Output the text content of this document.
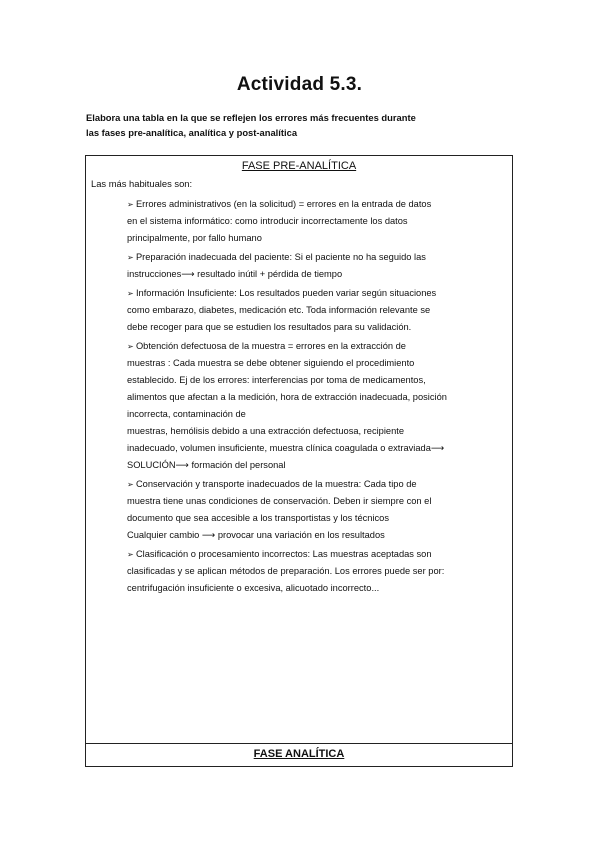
Actividad 5.3.
Elabora una tabla en la que se reflejen los errores más frecuentes durante
las fases pre-analítica, analítica y post-analítica
FASE PRE-ANALÍTICA
Las más habituales son:
➢ Errores administrativos (en la solicitud) = errores en la entrada de datos
en el sistema informático: como introducir incorrectamente los datos
principalmente, por fallo humano
➢ Preparación inadecuada del paciente: Si el paciente no ha seguido las
instrucciones⟶ resultado inútil + pérdida de tiempo
➢ Información Insuficiente: Los resultados pueden variar según situaciones
como embarazo, diabetes, medicación etc. Toda información relevante se
debe recoger para que se estudien los resultados para su validación.
➢ Obtención defectuosa de la muestra = errores en la extracción de
muestras : Cada muestra se debe obtener siguiendo el procedimiento
establecido. Ej de los errores: interferencias por toma de medicamentos,
alimentos que afectan a la medición, hora de extracción inadecuada, posición
incorrecta, contaminación de
muestras, hemólisis debido a una extracción defectuosa, recipiente
inadecuado, volumen insuficiente, muestra clínica coagulada o extraviada⟶
SOLUCIÓN⟶ formación del personal
➢ Conservación y transporte inadecuados de la muestra: Cada tipo de
muestra tiene unas condiciones de conservación. Deben ir siempre con el
documento que sea accesible a los transportistas y los técnicos
Cualquier cambio ⟶ provocar una variación en los resultados
➢ Clasificación o procesamiento incorrectos: Las muestras aceptadas son
clasificadas y se aplican métodos de preparación. Los errores puede ser por:
centrifugación insuficiente o excesiva, alicuotado incorrecto...
FASE ANALÍTICA
